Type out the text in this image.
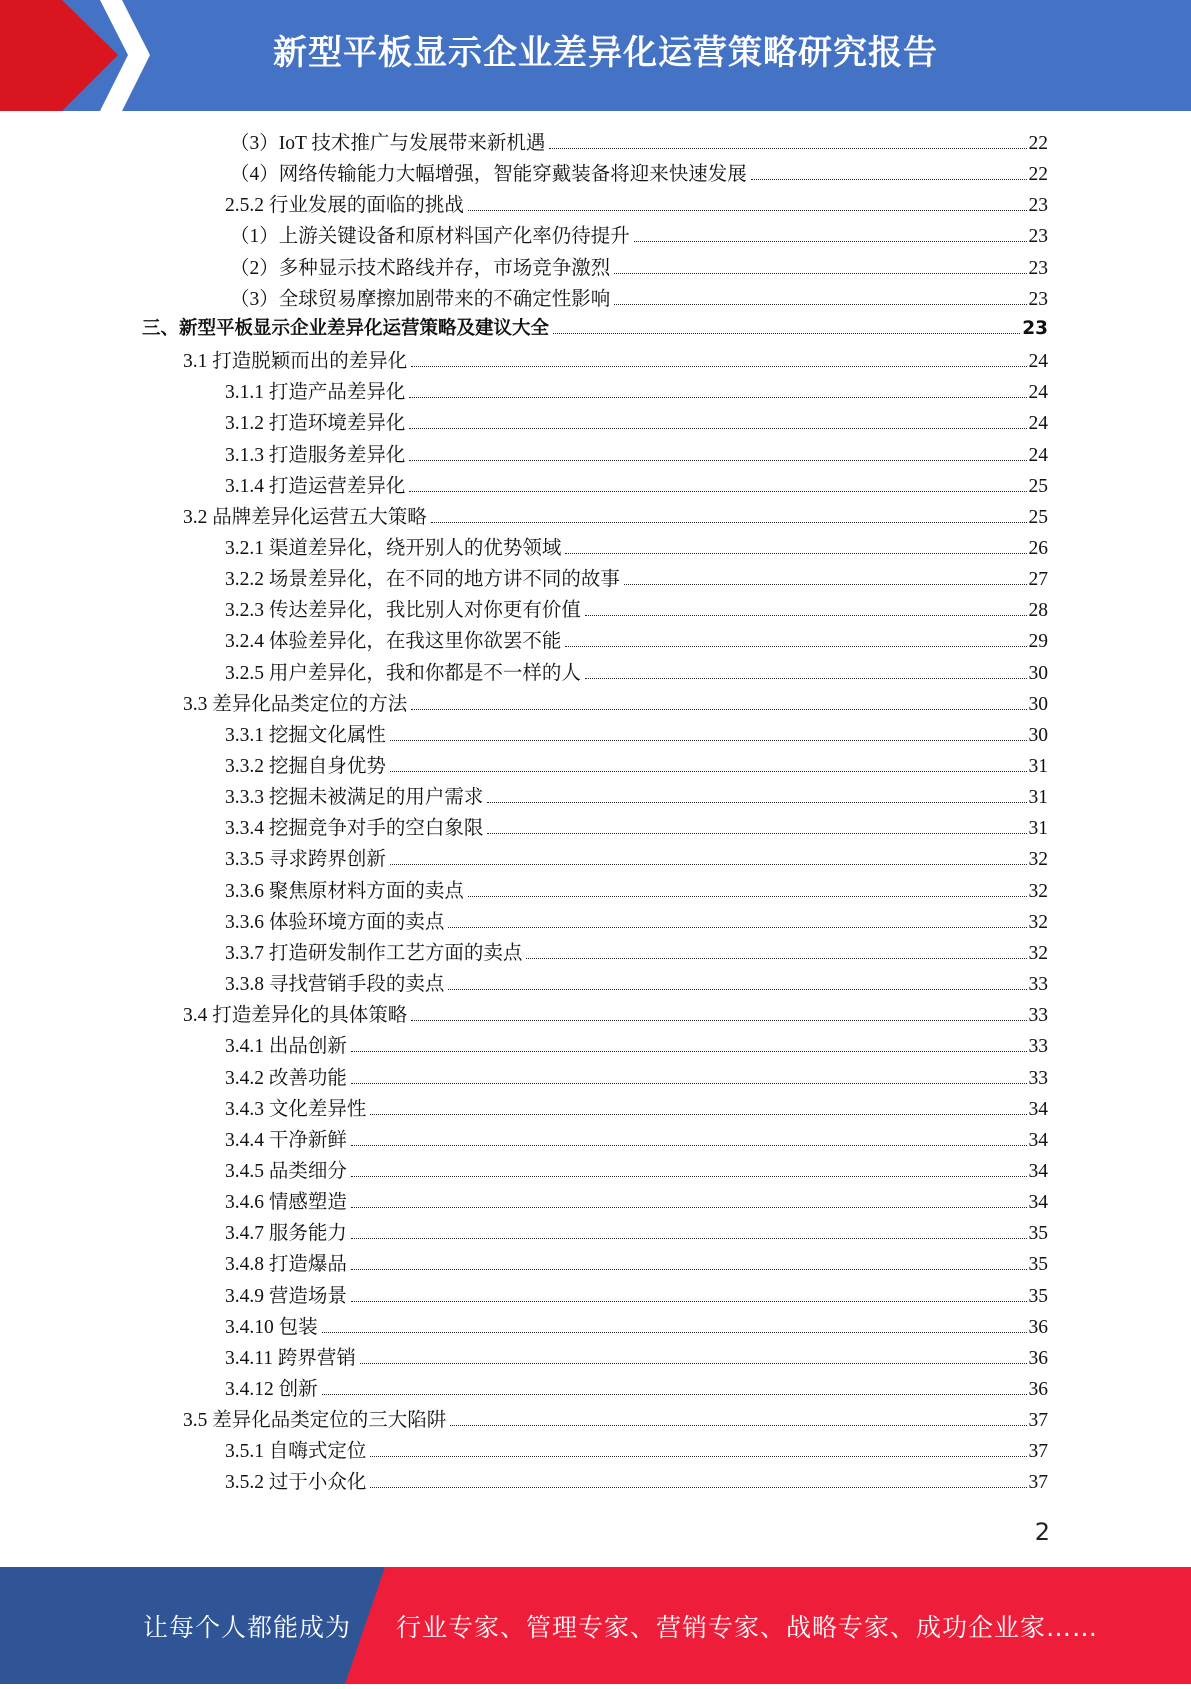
新型平板显示企业差异化运营策略研究报告
（3）IoT 技术推广与发展带来新机遇	22
（4）网络传输能力大幅增强，智能穿戴装备将迎来快速发展	22
2.5.2 行业发展的面临的挑战	23
（1）上游关键设备和原材料国产化率仍待提升	23
（2）多种显示技术路线并存，市场竞争激烈	23
（3）全球贸易摩擦加剧带来的不确定性影响	23
三、新型平板显示企业差异化运营策略及建议大全	23
3.1 打造脱颖而出的差异化	24
3.1.1 打造产品差异化	24
3.1.2 打造环境差异化	24
3.1.3 打造服务差异化	24
3.1.4 打造运营差异化	25
3.2 品牌差异化运营五大策略	25
3.2.1 渠道差异化，绕开别人的优势领域	26
3.2.2 场景差异化，在不同的地方讲不同的故事	27
3.2.3 传达差异化，我比别人对你更有价值	28
3.2.4 体验差异化，在我这里你欲罢不能	29
3.2.5 用户差异化，我和你都是不一样的人	30
3.3 差异化品类定位的方法	30
3.3.1 挖掘文化属性	30
3.3.2 挖掘自身优势	31
3.3.3 挖掘未被满足的用户需求	31
3.3.4 挖掘竞争对手的空白象限	31
3.3.5 寻求跨界创新	32
3.3.6 聚焦原材料方面的卖点	32
3.3.6 体验环境方面的卖点	32
3.3.7 打造研发制作工艺方面的卖点	32
3.3.8 寻找营销手段的卖点	33
3.4 打造差异化的具体策略	33
3.4.1 出品创新	33
3.4.2 改善功能	33
3.4.3 文化差异性	34
3.4.4 干净新鲜	34
3.4.5 品类细分	34
3.4.6 情感塑造	34
3.4.7 服务能力	35
3.4.8 打造爆品	35
3.4.9 营造场景	35
3.4.10 包装	36
3.4.11 跨界营销	36
3.4.12 创新	36
3.5 差异化品类定位的三大陷阱	37
3.5.1 自嗨式定位	37
3.5.2 过于小众化	37
2
让每个人都能成为 行业专家、管理专家、营销专家、战略专家、成功企业家……
